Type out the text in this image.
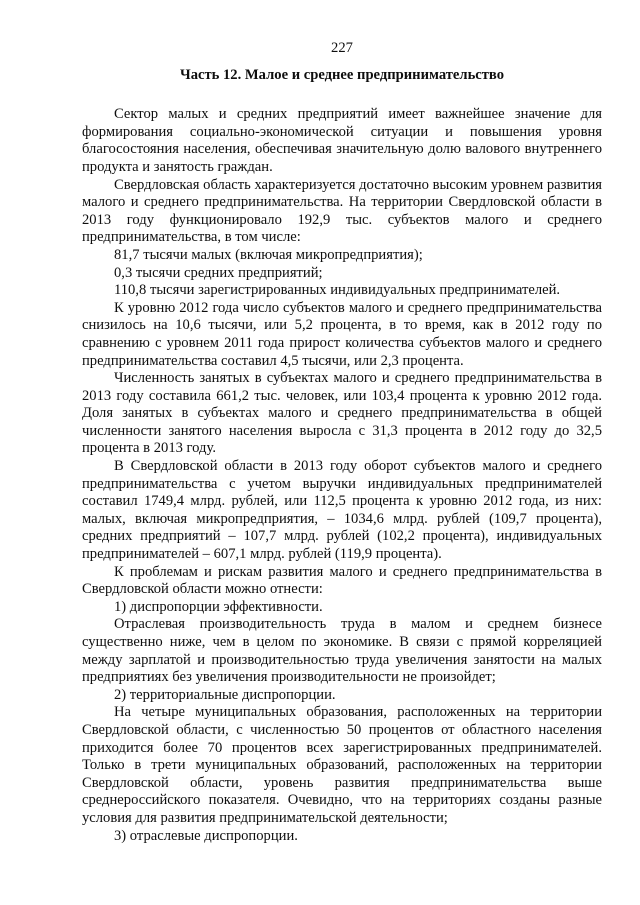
227
Часть 12. Малое и среднее предпринимательство

Сектор малых и средних предприятий имеет важнейшее значение для формирования социально-экономической ситуации и повышения уровня благосостояния населения, обеспечивая значительную долю валового внутреннего продукта и занятость граждан.

Свердловская область характеризуется достаточно высоким уровнем развития малого и среднего предпринимательства. На территории Свердловской области в 2013 году функционировало 192,9 тыс. субъектов малого и среднего предпринимательства, в том числе:

81,7 тысячи малых (включая микропредприятия);

0,3 тысячи средних предприятий;

110,8 тысячи зарегистрированных индивидуальных предпринимателей.

К уровню 2012 года число субъектов малого и среднего предпринимательства снизилось на 10,6 тысячи, или 5,2 процента, в то время, как в 2012 году по сравнению с уровнем 2011 года прирост количества субъектов малого и среднего предпринимательства составил 4,5 тысячи, или 2,3 процента.

Численность занятых в субъектах малого и среднего предпринимательства в 2013 году составила 661,2 тыс. человек, или 103,4 процента к уровню 2012 года. Доля занятых в субъектах малого и среднего предпринимательства в общей численности занятого населения выросла с 31,3 процента в 2012 году до 32,5 процента в 2013 году.

В Свердловской области в 2013 году оборот субъектов малого и среднего предпринимательства с учетом выручки индивидуальных предпринимателей составил 1749,4 млрд. рублей, или 112,5 процента к уровню 2012 года, из них: малых, включая микропредприятия, – 1034,6 млрд. рублей (109,7 процента), средних предприятий – 107,7 млрд. рублей (102,2 процента), индивидуальных предпринимателей – 607,1 млрд. рублей (119,9 процента).

К проблемам и рискам развития малого и среднего предпринимательства в Свердловской области можно отнести:

1) диспропорции эффективности.

Отраслевая производительность труда в малом и среднем бизнесе существенно ниже, чем в целом по экономике. В связи с прямой корреляцией между зарплатой и производительностью труда увеличения занятости на малых предприятиях без увеличения производительности не произойдет;

2) территориальные диспропорции.

На четыре муниципальных образования, расположенных на территории Свердловской области, с численностью 50 процентов от областного населения приходится более 70 процентов всех зарегистрированных предпринимателей. Только в трети муниципальных образований, расположенных на территории Свердловской области, уровень развития предпринимательства выше среднероссийского показателя. Очевидно, что на территориях созданы разные условия для развития предпринимательской деятельности;

3) отраслевые диспропорции.
